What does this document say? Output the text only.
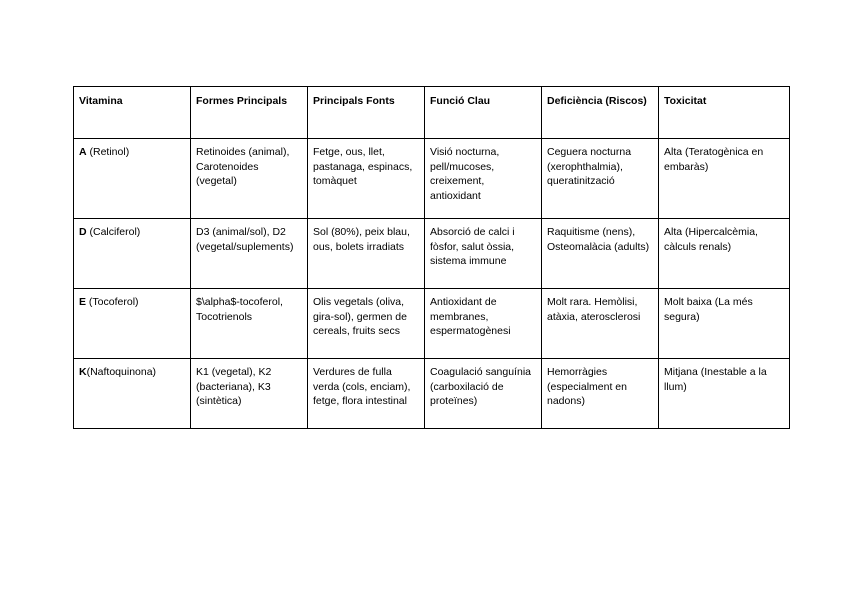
Vitamina	Formes Principals	Principals Fonts	Funció Clau	Deficiència (Riscos)	Toxicitat
A (Retinol)	Retinoides (animal), Carotenoides (vegetal)	Fetge, ous, llet, pastanaga, espinacs, tomàquet	Visió nocturna, pell/mucoses, creixement, antioxidant	Ceguera nocturna (xerophthalmia), queratinització	Alta (Teratogènica en embaràs)
D (Calciferol)	D3 (animal/sol), D2 (vegetal/suplements)	Sol (80%), peix blau, ous, bolets irradiats	Absorció de calci i fòsfor, salut òssia, sistema immune	Raquitisme (nens), Osteomalàcia (adults)	Alta (Hipercalcèmia, càlculs renals)
E (Tocoferol)	$\alpha$-tocoferol, Tocotrienols	Olis vegetals (oliva, gira-sol), germen de cereals, fruits secs	Antioxidant de membranes, espermatogènesi	Molt rara. Hemòlisi, atàxia, aterosclerosi	Molt baixa (La més segura)
K(Naftoquinona)	K1 (vegetal), K2 (bacteriana), K3 (sintètica)	Verdures de fulla verda (cols, enciam), fetge, flora intestinal	Coagulació sanguínia (carboxilació de proteïnes)	Hemorràgies (especialment en nadons)	Mitjana (Inestable a la llum)
